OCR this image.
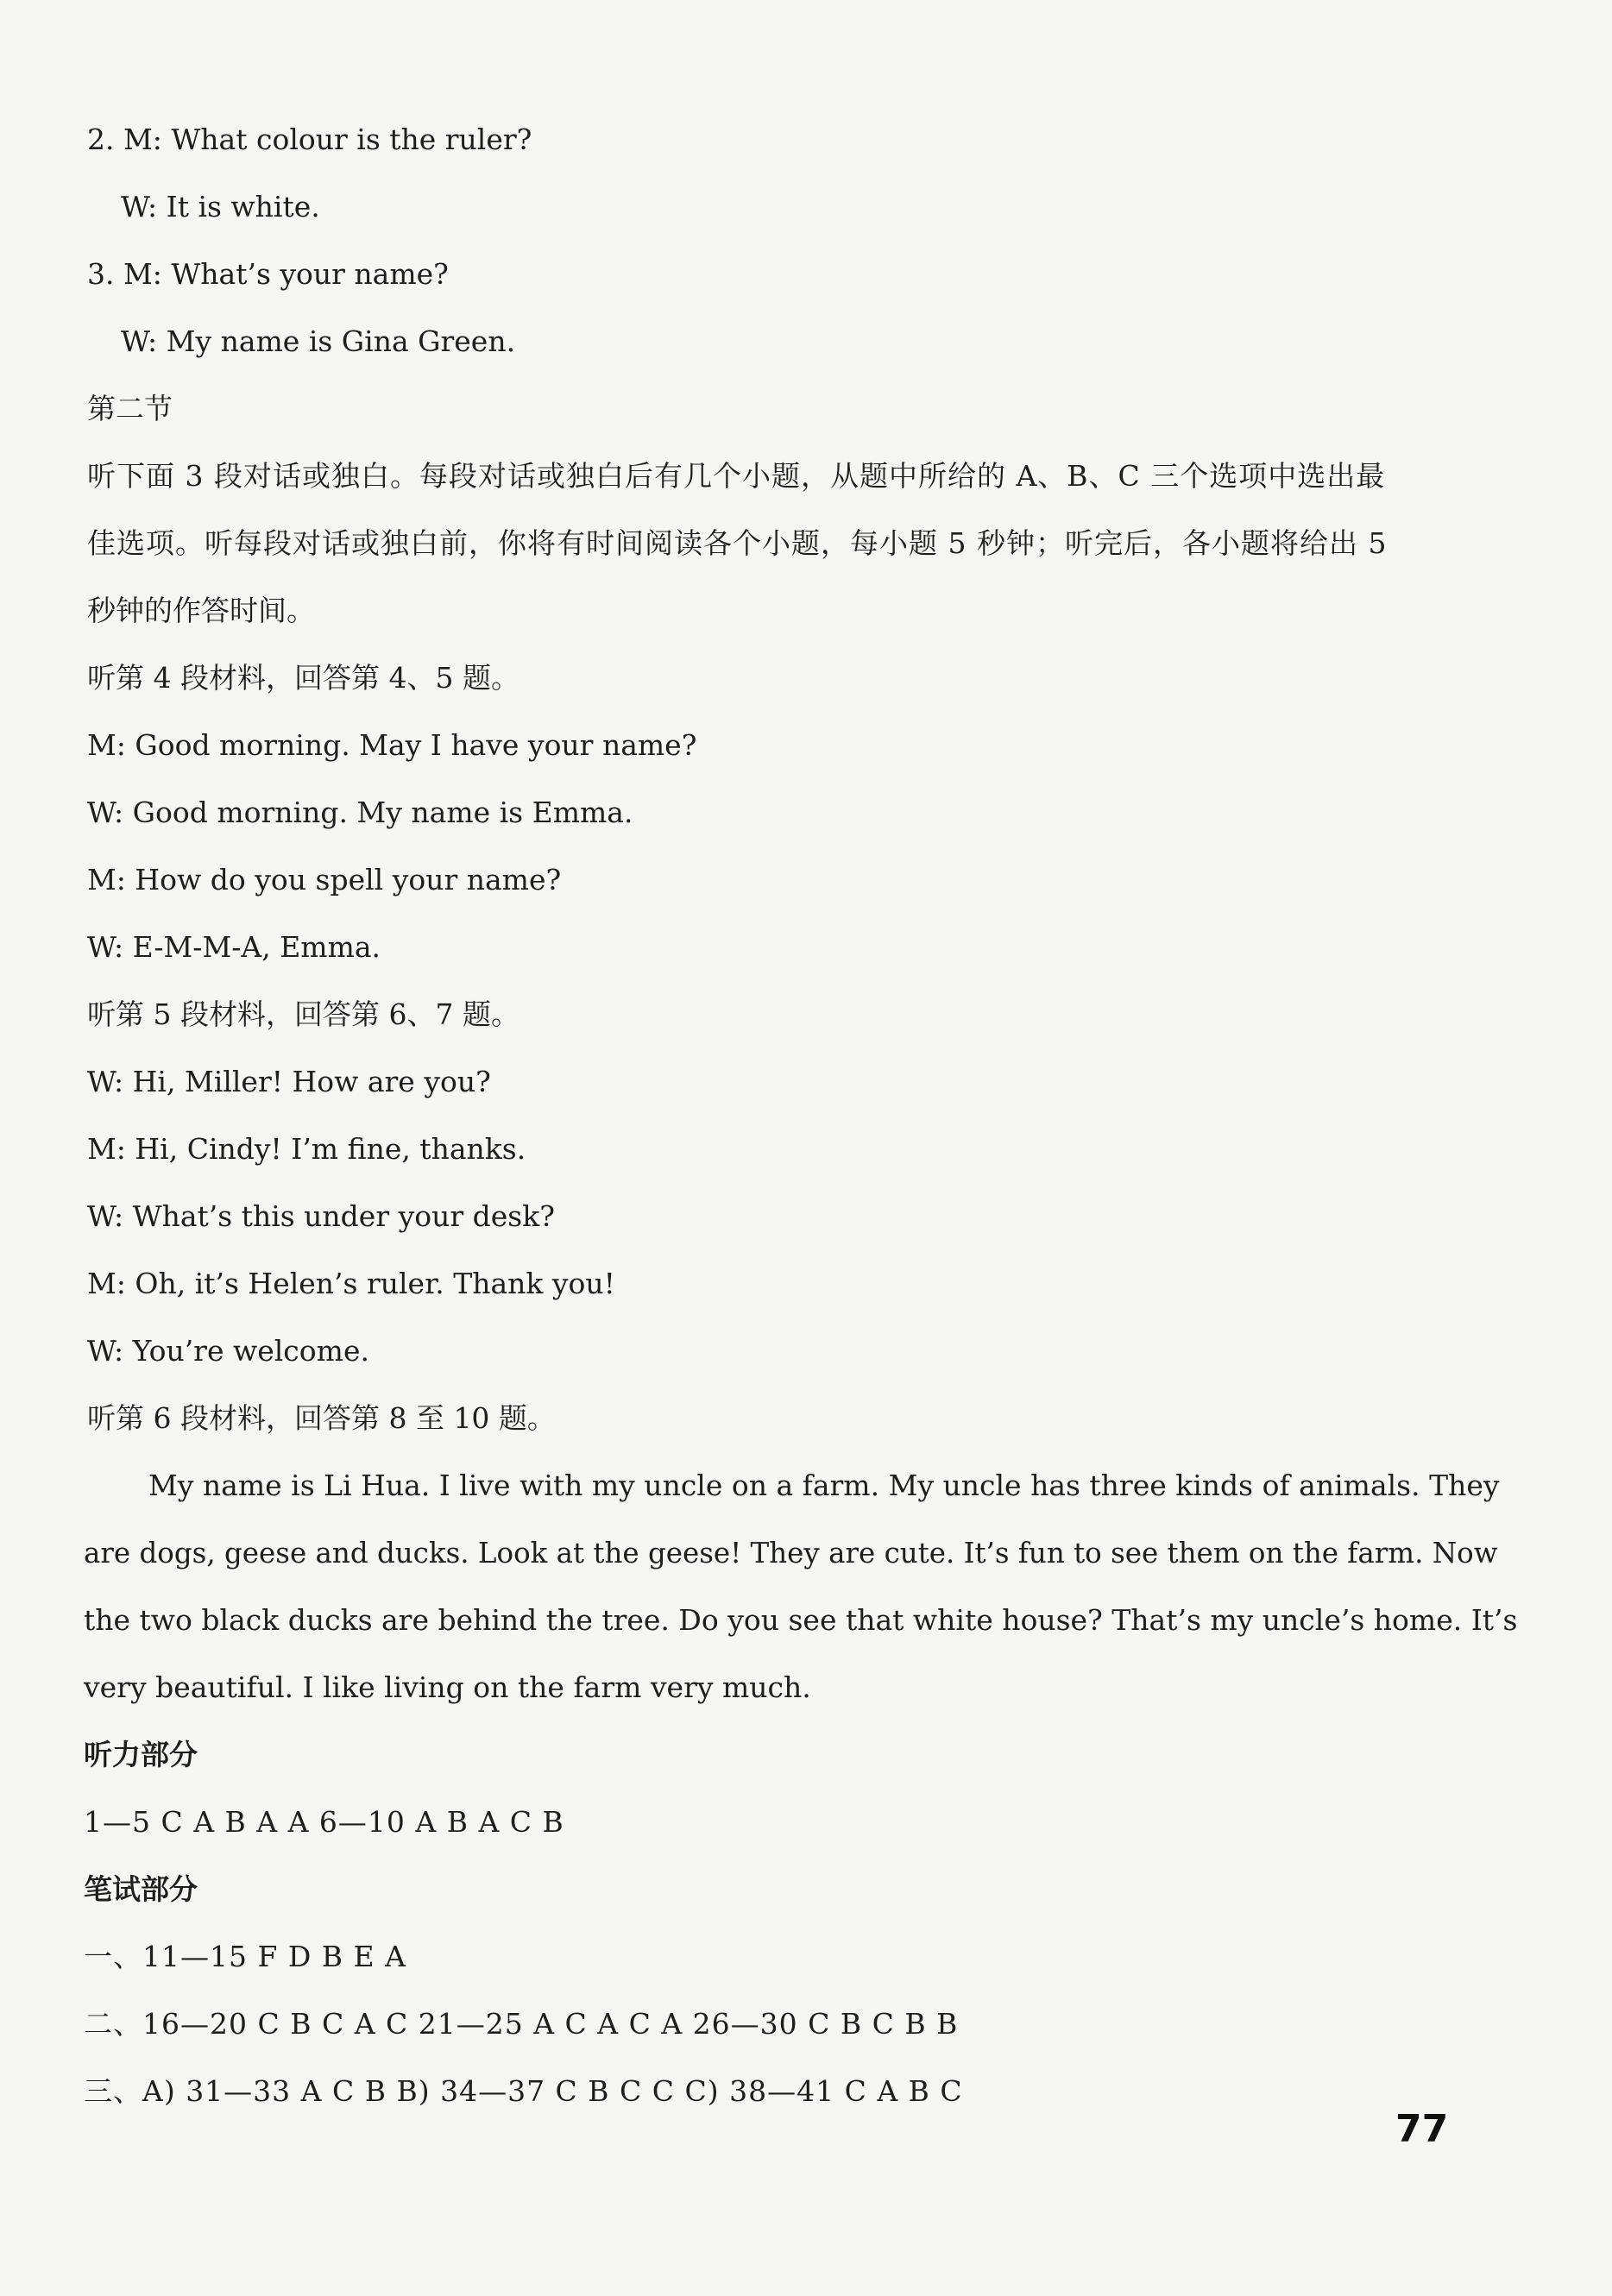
2. M: What colour is the ruler?
W: It is white.
3. M: What’s your name?
W: My name is Gina Green.
第二节
听下面 3 段对话或独白。每段对话或独白后有几个小题，从题中所给的 A、B、C 三个选项中选出最
佳选项。听每段对话或独白前，你将有时间阅读各个小题，每小题 5 秒钟；听完后，各小题将给出 5
秒钟的作答时间。
听第 4 段材料，回答第 4、5 题。
M: Good morning. May I have your name?
W: Good morning. My name is Emma.
M: How do you spell your name?
W: E-M-M-A, Emma.
听第 5 段材料，回答第 6、7 题。
W: Hi, Miller! How are you?
M: Hi, Cindy! I’m fine, thanks.
W: What’s this under your desk?
M: Oh, it’s Helen’s ruler. Thank you!
W: You’re welcome.
听第 6 段材料，回答第 8 至 10 题。
My name is Li Hua. I live with my uncle on a farm. My uncle has three kinds of animals. They
are dogs, geese and ducks. Look at the geese! They are cute. It’s fun to see them on the farm. Now
the two black ducks are behind the tree. Do you see that white house? That’s my uncle’s home. It’s
very beautiful. I like living on the farm very much.
听力部分
1—5 C A B A A 6—10 A B A C B
笔试部分
一、11—15 F D B E A
二、16—20 C B C A C 21—25 A C A C A 26—30 C B C B B
三、A) 31—33 A C B B) 34—37 C B C C C) 38—41 C A B C
77
